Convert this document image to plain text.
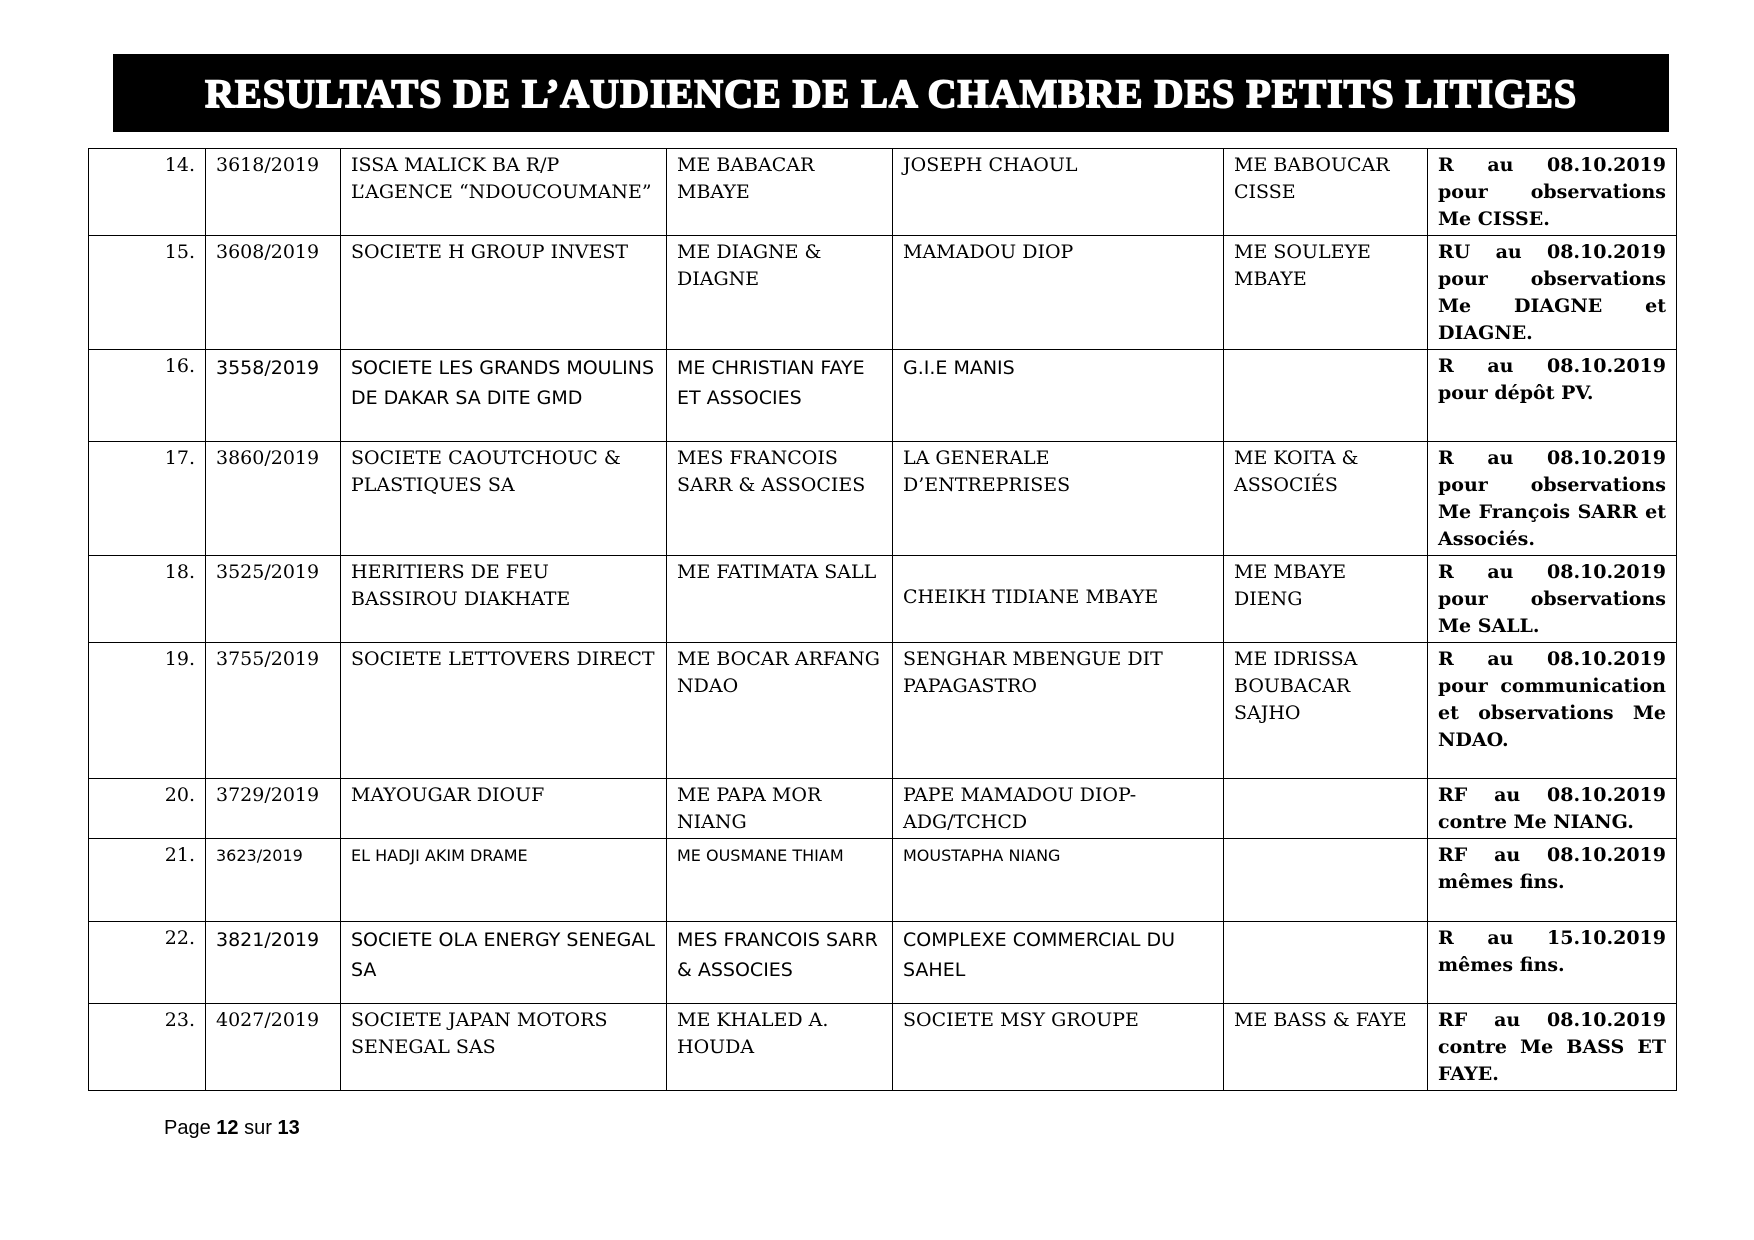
RESULTATS DE L’AUDIENCE DE LA CHAMBRE DES PETITS LITIGES
14.	3618/2019	ISSA MALICK BA R/P L’AGENCE “NDOUCOUMANE”	ME BABACAR MBAYE	JOSEPH CHAOUL	ME BABOUCAR CISSE	R au 08.10.2019 pour observations Me CISSE.
15.	3608/2019	SOCIETE H GROUP INVEST	ME DIAGNE & DIAGNE	MAMADOU DIOP	ME SOULEYE MBAYE	RU au 08.10.2019 pour observations Me DIAGNE et DIAGNE.
16.	3558/2019	SOCIETE LES GRANDS MOULINS DE DAKAR SA DITE GMD	ME CHRISTIAN FAYE ET ASSOCIES	G.I.E MANIS		R au 08.10.2019 pour dépôt PV.
17.	3860/2019	SOCIETE CAOUTCHOUC & PLASTIQUES SA	MES FRANCOIS SARR & ASSOCIES	LA GENERALE D’ENTREPRISES	ME KOITA & ASSOCIÉS	R au 08.10.2019 pour observations Me François SARR et Associés.
18.	3525/2019	HERITIERS DE FEU BASSIROU DIAKHATE	ME FATIMATA SALL	CHEIKH TIDIANE MBAYE	ME MBAYE DIENG	R au 08.10.2019 pour observations Me SALL.
19.	3755/2019	SOCIETE LETTOVERS DIRECT	ME BOCAR ARFANG NDAO	SENGHAR MBENGUE DIT PAPAGASTRO	ME IDRISSA BOUBACAR SAJHO	R au 08.10.2019 pour communication et observations Me NDAO.
20.	3729/2019	MAYOUGAR DIOUF	ME PAPA MOR NIANG	PAPE MAMADOU DIOP- ADG/TCHCD		RF au 08.10.2019 contre Me NIANG.
21.	3623/2019	EL HADJI AKIM DRAME	ME OUSMANE THIAM	MOUSTAPHA NIANG		RF au 08.10.2019 mêmes fins.
22.	3821/2019	SOCIETE OLA ENERGY SENEGAL SA	MES FRANCOIS SARR & ASSOCIES	COMPLEXE COMMERCIAL DU SAHEL		R au 15.10.2019 mêmes fins.
23.	4027/2019	SOCIETE JAPAN MOTORS SENEGAL SAS	ME KHALED A. HOUDA	SOCIETE MSY GROUPE	ME BASS & FAYE	RF au 08.10.2019 contre Me BASS ET FAYE.
Page 12 sur 13
